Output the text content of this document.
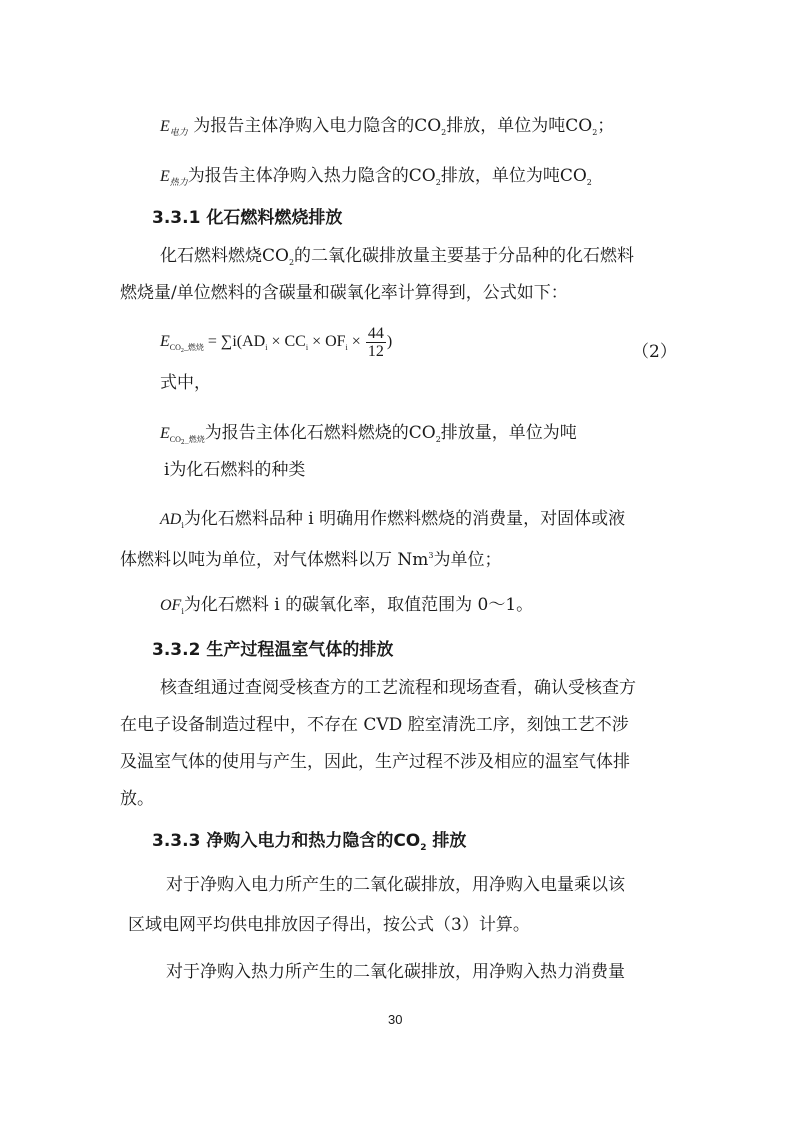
$E_{电力}$ 为报告主体净购入电力隐含的$CO_2$排放，单位为吨$CO_2$；
$E_{热力}$为报告主体净购入热力隐含的$CO_2$排放，单位为吨$CO_2$
3.3.1 化石燃料燃烧排放
化石燃料燃烧$CO_2$的二氧化碳排放量主要基于分品种的化石燃料
燃烧量/单位燃料的含碳量和碳氧化率计算得到，公式如下：
$E_{CO2\_燃烧} = \sum i(AD_i \times CC_i \times OF_i \times \frac{44}{12}$ )
（2）
式中，
$E_{CO2\_燃烧}$为报告主体化石燃料燃烧的$CO_2$排放量，单位为吨
i为化石燃料的种类
$AD_i$为化石燃料品种 i 明确用作燃料燃烧的消费量，对固体或液
体燃料以吨为单位，对气体燃料以万 Nm$^3$为单位；
$OF_i$为化石燃料 i 的碳氧化率，取值范围为 0～1。
3.3.2 生产过程温室气体的排放
核查组通过查阅受核查方的工艺流程和现场查看，确认受核查方
在电子设备制造过程中，不存在 CVD 腔室清洗工序，刻蚀工艺不涉
及温室气体的使用与产生，因此，生产过程不涉及相应的温室气体排
放。
3.3.3 净购入电力和热力隐含的$CO_2$ 排放
对于净购入电力所产生的二氧化碳排放，用净购入电量乘以该
区域电网平均供电排放因子得出，按公式（3）计算。
对于净购入热力所产生的二氧化碳排放，用净购入热力消费量
30
